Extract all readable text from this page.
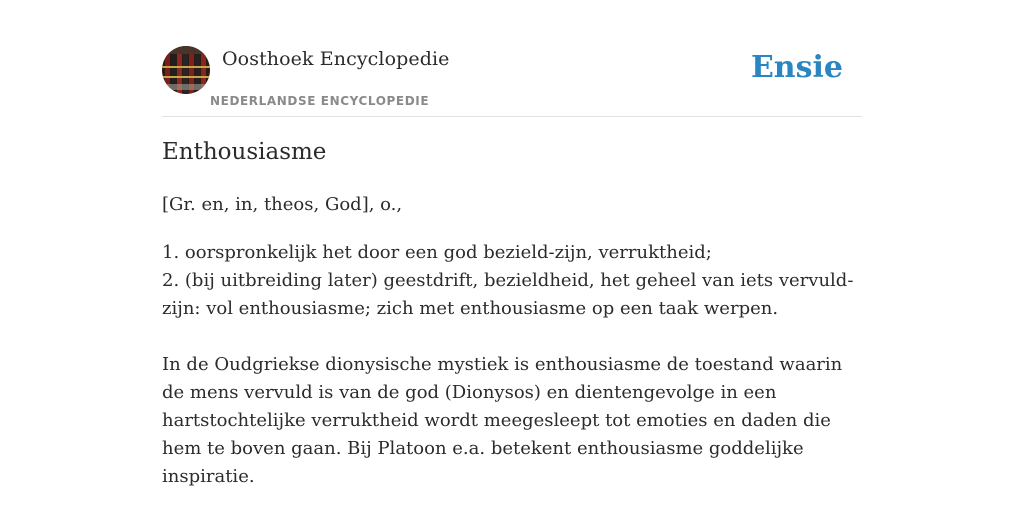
Oosthoek Encyclopedie
NEDERLANDSE ENCYCLOPEDIE
Ensie
Enthousiasme
[Gr. en, in, theos, God], o.,

1. oorspronkelijk het door een god bezield-zijn, verruktheid;

2. (bij uitbreiding later) geestdrift, bezieldheid, het geheel van iets vervuld-zijn: vol enthousiasme; zich met enthousiasme op een taak werpen.

In de Oudgriekse dionysische mystiek is enthousiasme de toestand waarin de mens vervuld is van de god (Dionysos) en dientengevolge in een hartstochtelijke verruktheid wordt meegesleept tot emoties en daden die hem te boven gaan. Bij Platoon e.a. betekent enthousiasme goddelijke inspiratie.
